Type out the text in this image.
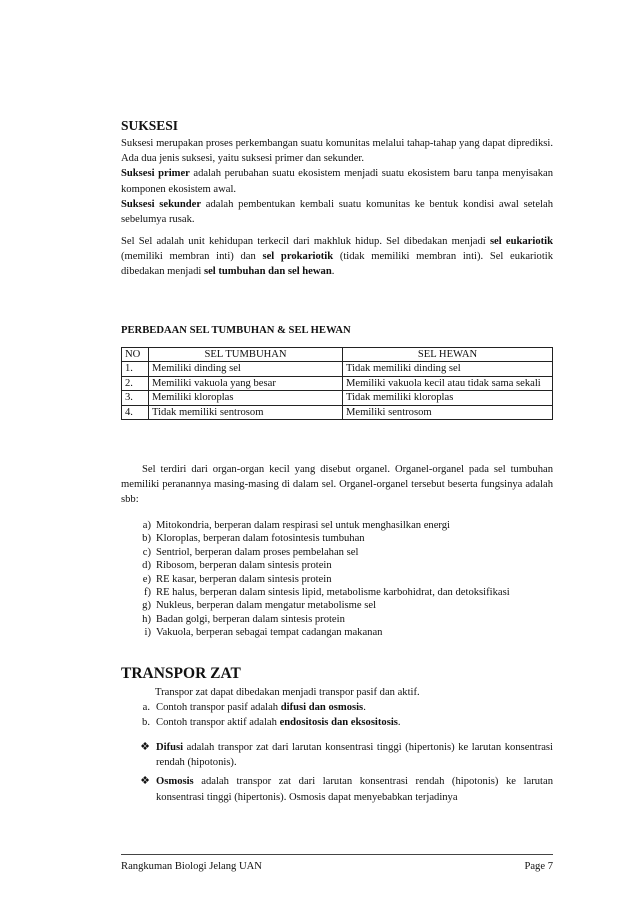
SUKSESI

Suksesi merupakan proses perkembangan suatu komunitas melalui tahap-tahap yang dapat diprediksi. Ada dua jenis suksesi, yaitu suksesi primer dan sekunder.

Suksesi primer adalah perubahan suatu ekosistem menjadi suatu ekosistem baru tanpa menyisakan komponen ekosistem awal.

Suksesi sekunder adalah pembentukan kembali suatu komunitas ke bentuk kondisi awal setelah sebelumya rusak.

Sel Sel adalah unit kehidupan terkecil dari makhluk hidup. Sel dibedakan menjadi sel eukariotik (memiliki membran inti) dan sel prokariotik (tidak memiliki membran inti). Sel eukariotik dibedakan menjadi sel tumbuhan dan sel hewan.

PERBEDAAN SEL TUMBUHAN & SEL HEWAN
NO	SEL TUMBUHAN	SEL HEWAN
1.	Memiliki dinding sel	Tidak memiliki dinding sel
2.	Memiliki vakuola yang besar	Memiliki vakuola kecil atau tidak sama sekali
3.	Memiliki kloroplas	Tidak memiliki kloroplas
4.	Tidak memiliki sentrosom	Memiliki sentrosom

Sel terdiri dari organ-organ kecil yang disebut organel. Organel-organel pada sel tumbuhan memiliki peranannya masing-masing di dalam sel. Organel-organel tersebut beserta fungsinya adalah sbb:

a) Mitokondria, berperan dalam respirasi sel untuk menghasilkan energi
b) Kloroplas, berperan dalam fotosintesis tumbuhan
c) Sentriol, berperan dalam proses pembelahan sel
d) Ribosom, berperan dalam sintesis protein
e) RE kasar, berperan dalam sintesis protein
f) RE halus, berperan dalam sintesis lipid, metabolisme karbohidrat, dan detoksifikasi
g) Nukleus, berperan dalam mengatur metabolisme sel
h) Badan golgi, berperan dalam sintesis protein
i) Vakuola, berperan sebagai tempat cadangan makanan
TRANSPOR ZAT

Transpor zat dapat dibedakan menjadi transpor pasif dan aktif.

a. Contoh transpor pasif adalah difusi dan osmosis.
b. Contoh transpor aktif adalah endositosis dan eksositosis.
❖ Difusi adalah transpor zat dari larutan konsentrasi tinggi (hipertonis) ke larutan konsentrasi rendah (hipotonis).
❖ Osmosis adalah transpor zat dari larutan konsentrasi rendah (hipotonis) ke larutan konsentrasi tinggi (hipertonis). Osmosis dapat menyebabkan terjadinya
Rangkuman Biologi Jelang UAN	Page 7
